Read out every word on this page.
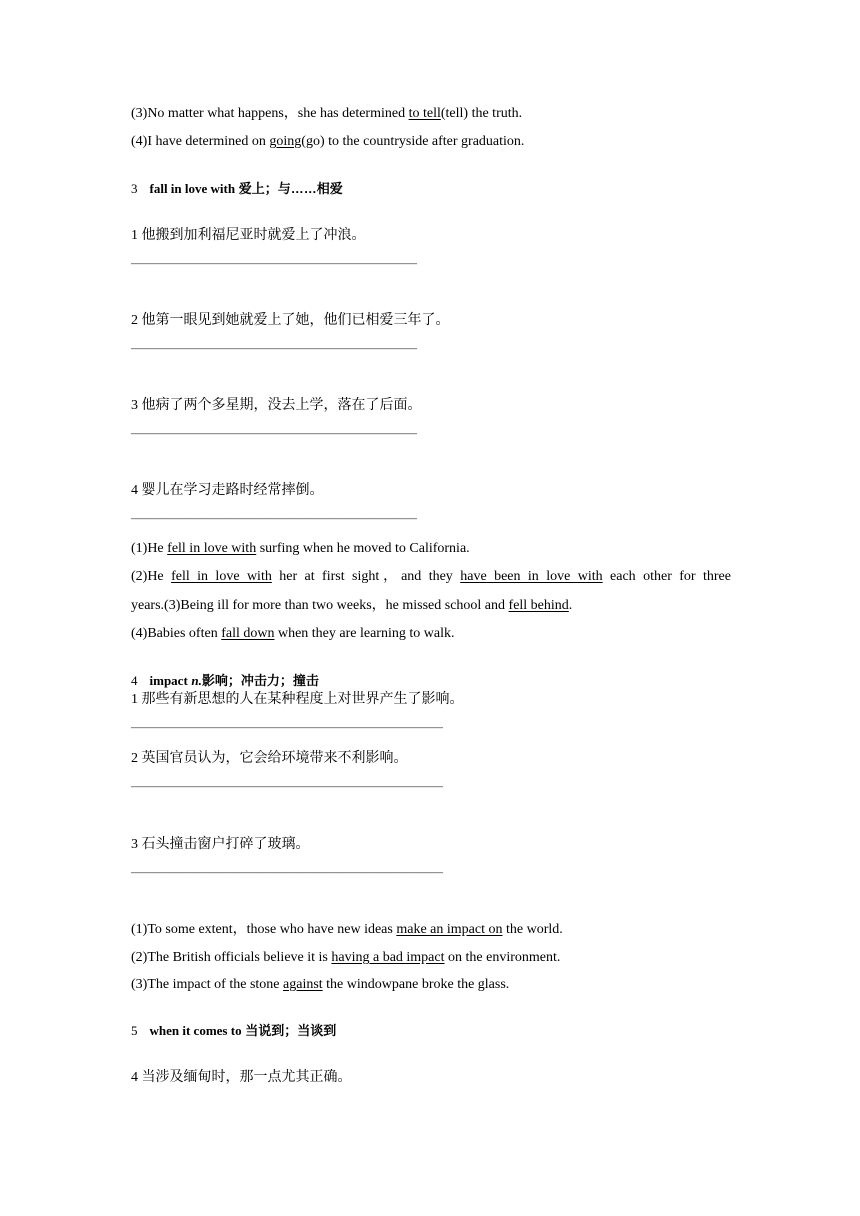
(3)No matter what happens，she has determined to tell(tell) the truth.
(4)I have determined on going(go) to the countryside after graduation.
3 fall in love with 爱上；与……相爱
1 他搬到加利福尼亚时就爱上了冲浪。
——————————————————————
2 他第一眼见到她就爱上了她，他们已相爱三年了。
——————————————————————
3 他病了两个多星期，没去上学，落在了后面。
——————————————————————
4 婴儿在学习走路时经常摔倒。
——————————————————————
(1)He fell in love with surfing when he moved to California.
(2)He fell in love with her at first sight，and they have been in love with each other for three
years.(3)Being ill for more than two weeks，he missed school and fell behind.
(4)Babies often fall down when they are learning to walk.
4 impact n.影响；冲击力；撞击
1 那些有新思想的人在某种程度上对世界产生了影响。
————————————————————————
2 英国官员认为，它会给环境带来不利影响。
————————————————————————
3 石头撞击窗户打碎了玻璃。
————————————————————————
(1)To some extent，those who have new ideas make an impact on the world.
(2)The British officials believe it is having a bad impact on the environment.
(3)The impact of the stone against the windowpane broke the glass.
5 when it comes to 当说到；当谈到
4 当涉及缅甸时，那一点尤其正确。
